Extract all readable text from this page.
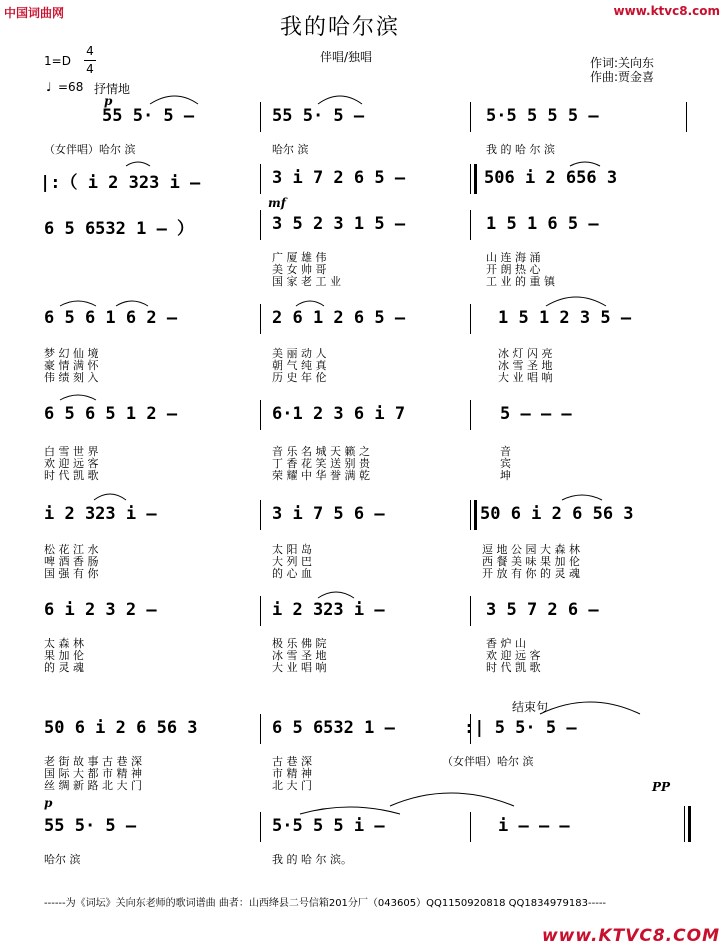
中国词曲网	www.ktvc8.com
我的哈尔滨
1=D
4
4
♩ =68 抒情地
伴唱/独唱	作词:关向东
作曲:贾金喜
p
mf
p
PP
结束句
55 5· 5 –	55 5· 5 –	5·5 5 5 5 –
（女伴唱）哈尔 滨	哈尔 滨	我 的 哈 尔 滨
|:（ i 2 323 i –	3 i 7 2 6 5 –	506 i 2 656 3
6 5 6532 1 – ）	3 5 2 3 1 5 –	1 5 1 6 5 –
广 厦 雄 伟
美 女 帅 哥
国 家 老 工 业
山 连 海 涌
开 朗 热 心
工 业 的 重 镇
6 5 6 1 6 2 –	2 6 1 2 6 5 –	1 5 1 2 3 5 –
梦 幻 仙 境
豪 情 满 怀
伟 绩 刻 入
美 丽 动 人
朝 气 纯 真
历 史 年 伦
冰 灯 闪 亮
冰 雪 圣 地
大 业 唱 响
6 5 6 5 1 2 –	6·1 2 3 6 i 7	5 – – –
白 雪 世 界
欢 迎 远 客
时 代 凯 歌
音 乐 名 城 天 籁 之
丁 香 花 笑 送 别 贵
荣 耀 中 华 誉 满 乾
音
宾
坤
i 2 323 i –	3 i 7 5 6 –	50 6 i 2 6 56 3
松 花 江 水
啤 酒 香 肠
国 强 有 你
太 阳 岛
大 列 巴
的 心 血
逗 地 公 园 大 森 林
西 餐 美 味 果 加 伦
开 放 有 你 的 灵 魂
6 i 2 3 2 –	i 2 323 i –	3 5 7 2 6 –
太 森 林
果 加 伦
的 灵 魂
极 乐 佛 院
冰 雪 圣 地
大 业 唱 响
香 炉 山
欢 迎 远 客
时 代 凯 歌
50 6 i 2 6 56 3	6 5 6532 1 –	:| 5 5· 5 –
老 街 故 事 古 巷 深
国 际 大 都 市 精 神
丝 绸 新 路 北 大 门
古 巷 深
市 精 神
北 大 门
（女伴唱）哈尔 滨
55 5· 5 –	5·5 5 5 i –	i – – –
哈尔 滨	我 的 哈 尔 滨。
------为《词坛》关向东老师的歌词谱曲 曲者：山西绛县二号信箱201分厂（043605）QQ1150920818 QQ1834979183-----
www.KTVC8.COM
